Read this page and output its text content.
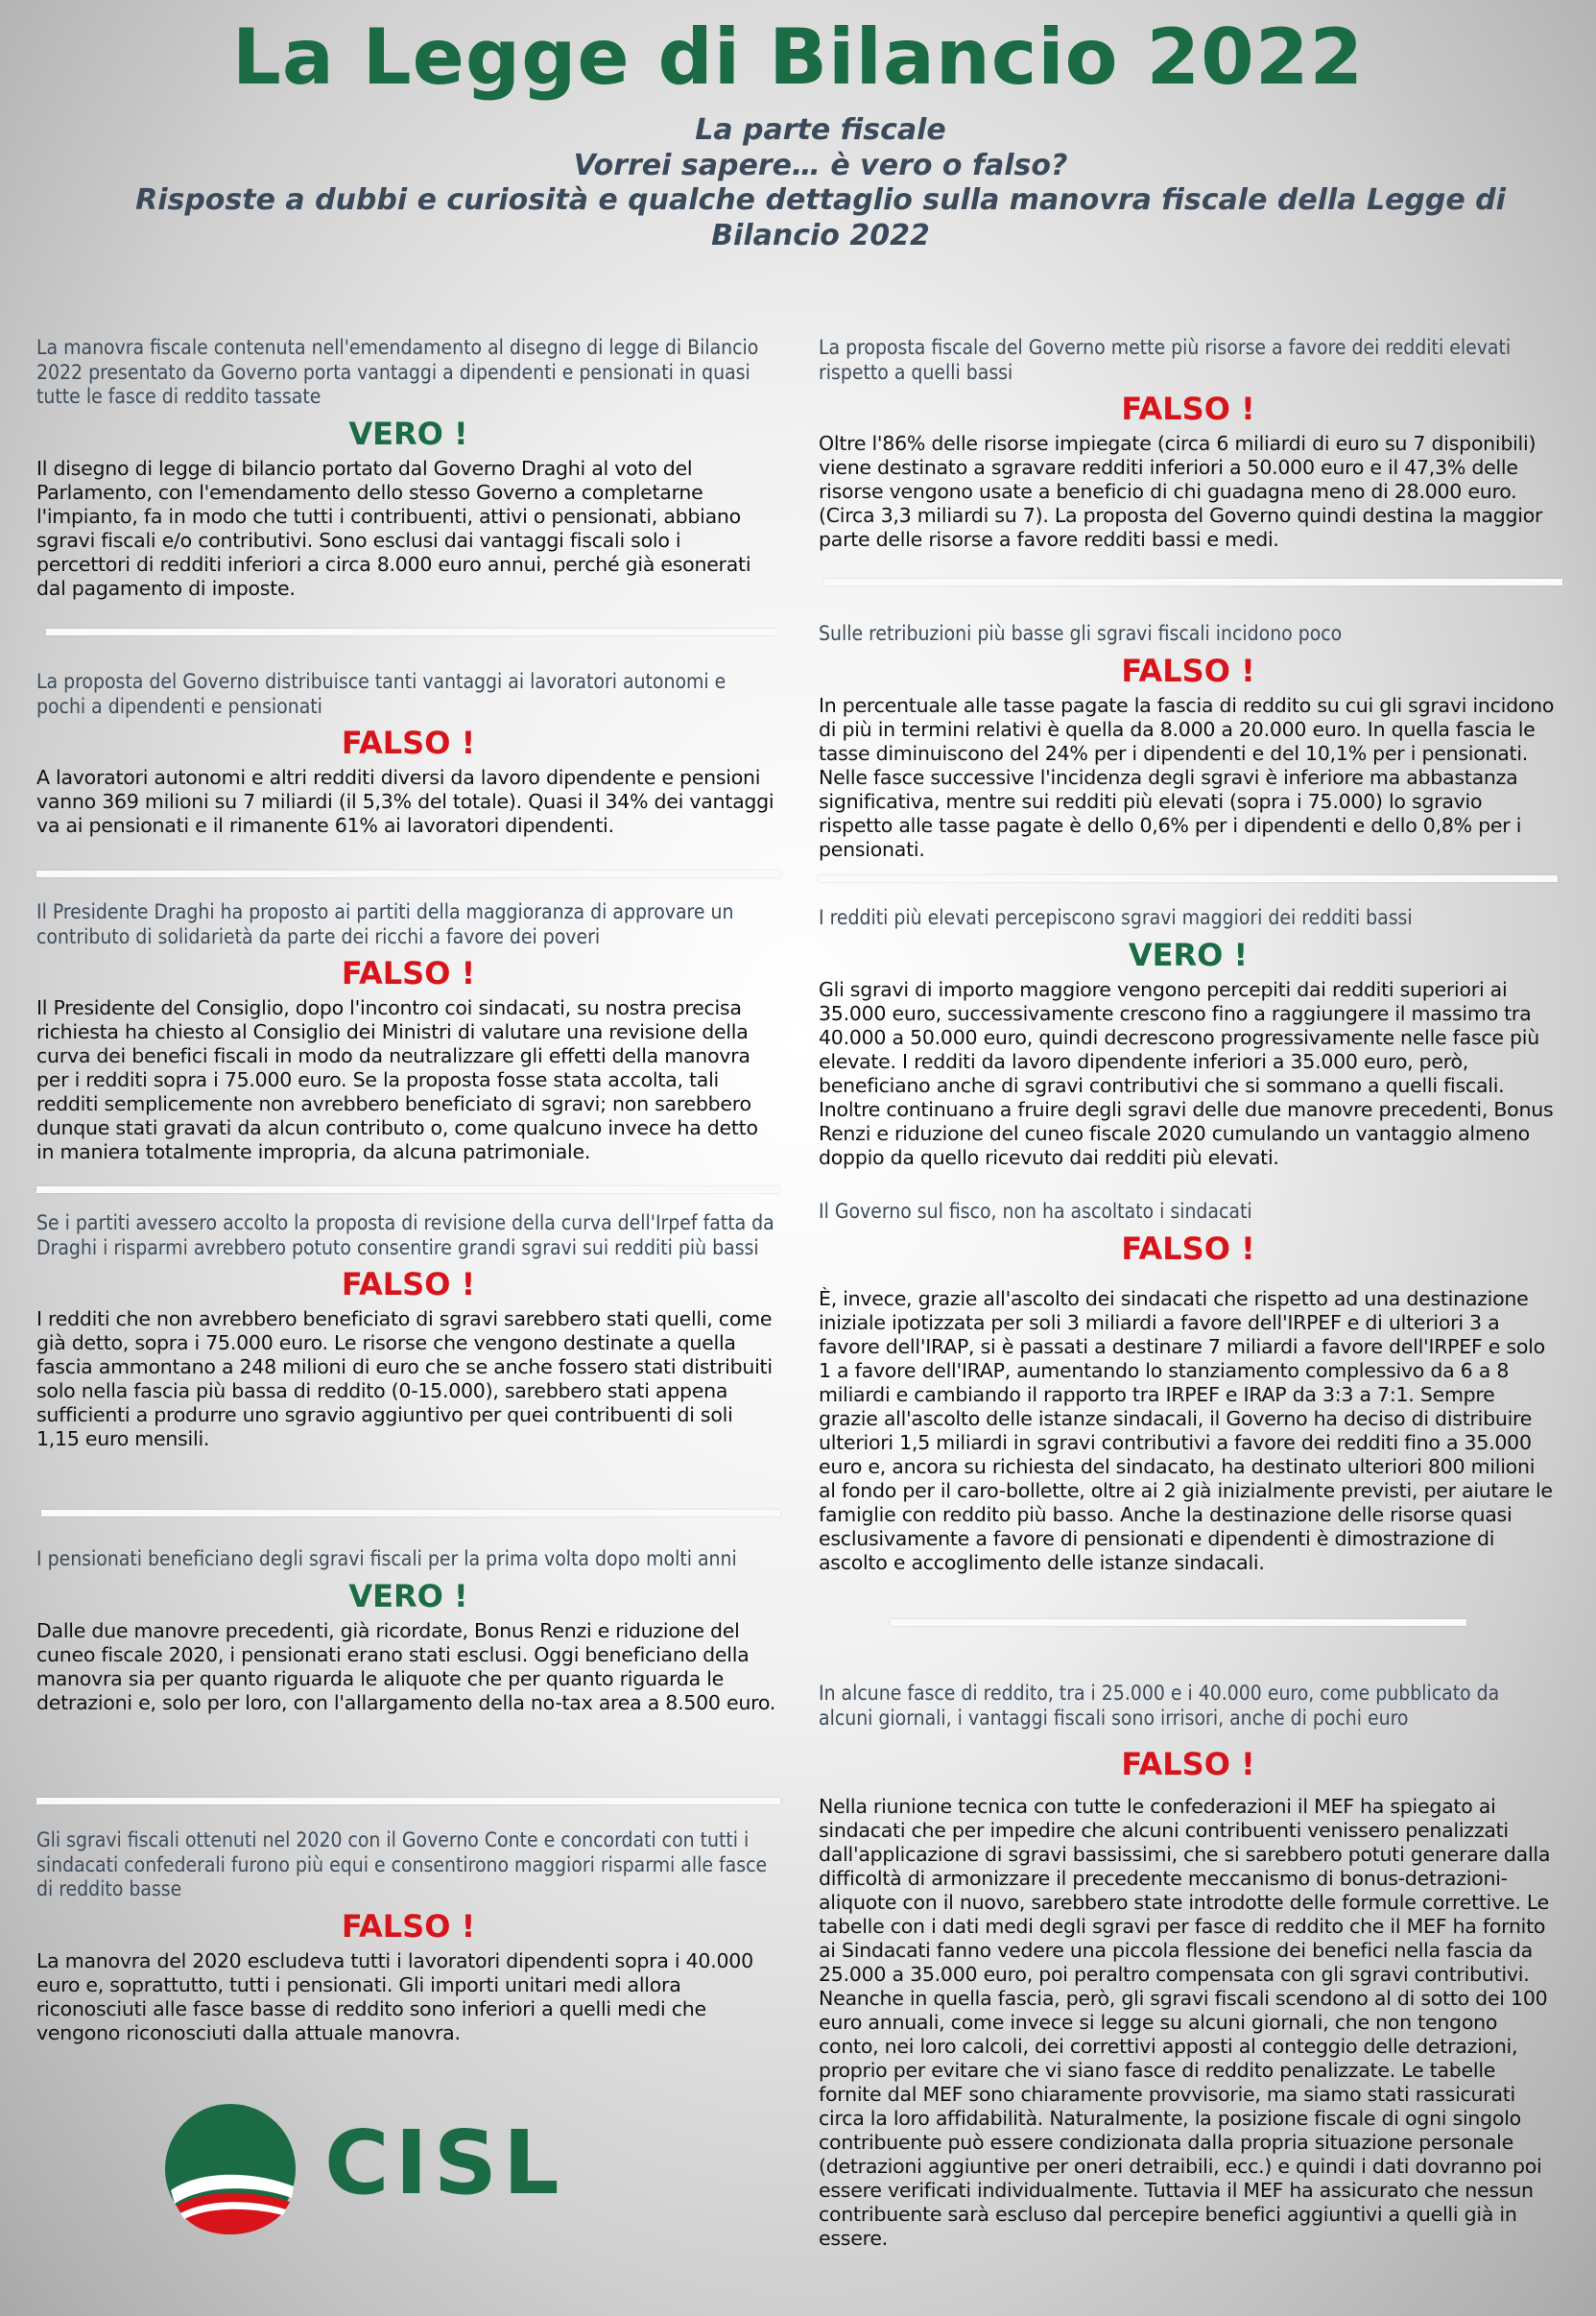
La Legge di Bilancio 2022
La parte fiscale
Vorrei sapere… è vero o falso?
Risposte a dubbi e curiosità e qualche dettaglio sulla manovra fiscale della Legge di Bilancio 2022

La manovra fiscale contenuta nell'emendamento al disegno di legge di Bilancio 2022 presentato da Governo porta vantaggi a dipendenti e pensionati in quasi tutte le fasce di reddito tassate

VERO !

Il disegno di legge di bilancio portato dal Governo Draghi al voto del Parlamento, con l'emendamento dello stesso Governo a completarne l'impianto, fa in modo che tutti i contribuenti, attivi o pensionati, abbiano sgravi fiscali e/o contributivi. Sono esclusi dai vantaggi fiscali solo i percettori di redditi inferiori a circa 8.000 euro annui, perché già esonerati dal pagamento di imposte.

La proposta del Governo distribuisce tanti vantaggi ai lavoratori autonomi e pochi a dipendenti e pensionati

FALSO !

A lavoratori autonomi e altri redditi diversi da lavoro dipendente e pensioni vanno 369 milioni su 7 miliardi (il 5,3% del totale). Quasi il 34% dei vantaggi va ai pensionati e il rimanente 61% ai lavoratori dipendenti.

Il Presidente Draghi ha proposto ai partiti della maggioranza di approvare un contributo di solidarietà da parte dei ricchi a favore dei poveri

FALSO !

Il Presidente del Consiglio, dopo l'incontro coi sindacati, su nostra precisa richiesta ha chiesto al Consiglio dei Ministri di valutare una revisione della curva dei benefici fiscali in modo da neutralizzare gli effetti della manovra per i redditi sopra i 75.000 euro. Se la proposta fosse stata accolta, tali redditi semplicemente non avrebbero beneficiato di sgravi; non sarebbero dunque stati gravati da alcun contributo o, come qualcuno invece ha detto in maniera totalmente impropria, da alcuna patrimoniale.

Se i partiti avessero accolto la proposta di revisione della curva dell'Irpef fatta da Draghi i risparmi avrebbero potuto consentire grandi sgravi sui redditi più bassi

FALSO !

I redditi che non avrebbero beneficiato di sgravi sarebbero stati quelli, come già detto, sopra i 75.000 euro. Le risorse che vengono destinate a quella fascia ammontano a 248 milioni di euro che se anche fossero stati distribuiti solo nella fascia più bassa di reddito (0-15.000), sarebbero stati appena sufficienti a produrre uno sgravio aggiuntivo per quei contribuenti di soli 1,15 euro mensili.

I pensionati beneficiano degli sgravi fiscali per la prima volta dopo molti anni

VERO !

Dalle due manovre precedenti, già ricordate, Bonus Renzi e riduzione del cuneo fiscale 2020, i pensionati erano stati esclusi. Oggi beneficiano della manovra sia per quanto riguarda le aliquote che per quanto riguarda le detrazioni e, solo per loro, con l'allargamento della no-tax area a 8.500 euro.

Gli sgravi fiscali ottenuti nel 2020 con il Governo Conte e concordati con tutti i sindacati confederali furono più equi e consentirono maggiori risparmi alle fasce di reddito basse

FALSO !

La manovra del 2020 escludeva tutti i lavoratori dipendenti sopra i 40.000 euro e, soprattutto, tutti i pensionati. Gli importi unitari medi allora riconosciuti alle fasce basse di reddito sono inferiori a quelli medi che vengono riconosciuti dalla attuale manovra.

La proposta fiscale del Governo mette più risorse a favore dei redditi elevati rispetto a quelli bassi

FALSO !

Oltre l'86% delle risorse impiegate (circa 6 miliardi di euro su 7 disponibili) viene destinato a sgravare redditi inferiori a 50.000 euro e il 47,3% delle risorse vengono usate a beneficio di chi guadagna meno di 28.000 euro. (Circa 3,3 miliardi su 7). La proposta del Governo quindi destina la maggior parte delle risorse a favore redditi bassi e medi.

Sulle retribuzioni più basse gli sgravi fiscali incidono poco

FALSO !

In percentuale alle tasse pagate la fascia di reddito su cui gli sgravi incidono di più in termini relativi è quella da 8.000 a 20.000 euro. In quella fascia le tasse diminuiscono del 24% per i dipendenti e del 10,1% per i pensionati. Nelle fasce successive l'incidenza degli sgravi è inferiore ma abbastanza significativa, mentre sui redditi più elevati (sopra i 75.000) lo sgravio rispetto alle tasse pagate è dello 0,6% per i dipendenti e dello 0,8% per i pensionati.

I redditi più elevati percepiscono sgravi maggiori dei redditi bassi

VERO !

Gli sgravi di importo maggiore vengono percepiti dai redditi superiori ai 35.000 euro, successivamente crescono fino a raggiungere il massimo tra 40.000 a 50.000 euro, quindi decrescono progressivamente nelle fasce più elevate. I redditi da lavoro dipendente inferiori a 35.000 euro, però, beneficiano anche di sgravi contributivi che si sommano a quelli fiscali. Inoltre continuano a fruire degli sgravi delle due manovre precedenti, Bonus Renzi e riduzione del cuneo fiscale 2020 cumulando un vantaggio almeno doppio da quello ricevuto dai redditi più elevati.

Il Governo sul fisco, non ha ascoltato i sindacati

FALSO !

È, invece, grazie all'ascolto dei sindacati che rispetto ad una destinazione iniziale ipotizzata per soli 3 miliardi a favore dell'IRPEF e di ulteriori 3 a favore dell'IRAP, si è passati a destinare 7 miliardi a favore dell'IRPEF e solo 1 a favore dell'IRAP, aumentando lo stanziamento complessivo da 6 a 8 miliardi e cambiando il rapporto tra IRPEF e IRAP da 3:3 a 7:1. Sempre grazie all'ascolto delle istanze sindacali, il Governo ha deciso di distribuire ulteriori 1,5 miliardi in sgravi contributivi a favore dei redditi fino a 35.000 euro e, ancora su richiesta del sindacato, ha destinato ulteriori 800 milioni al fondo per il caro-bollette, oltre ai 2 già inizialmente previsti, per aiutare le famiglie con reddito più basso. Anche la destinazione delle risorse quasi esclusivamente a favore di pensionati e dipendenti è dimostrazione di ascolto e accoglimento delle istanze sindacali.

In alcune fasce di reddito, tra i 25.000 e i 40.000 euro, come pubblicato da alcuni giornali, i vantaggi fiscali sono irrisori, anche di pochi euro

FALSO !

Nella riunione tecnica con tutte le confederazioni il MEF ha spiegato ai sindacati che per impedire che alcuni contribuenti venissero penalizzati dall'applicazione di sgravi bassissimi, che si sarebbero potuti generare dalla difficoltà di armonizzare il precedente meccanismo di bonus-detrazioni-aliquote con il nuovo, sarebbero state introdotte delle formule correttive. Le tabelle con i dati medi degli sgravi per fasce di reddito che il MEF ha fornito ai Sindacati fanno vedere una piccola flessione dei benefici nella fascia da 25.000 a 35.000 euro, poi peraltro compensata con gli sgravi contributivi. Neanche in quella fascia, però, gli sgravi fiscali scendono al di sotto dei 100 euro annuali, come invece si legge su alcuni giornali, che non tengono conto, nei loro calcoli, dei correttivi apposti al conteggio delle detrazioni, proprio per evitare che vi siano fasce di reddito penalizzate. Le tabelle fornite dal MEF sono chiaramente provvisorie, ma siamo stati rassicurati circa la loro affidabilità. Naturalmente, la posizione fiscale di ogni singolo contribuente può essere condizionata dalla propria situazione personale (detrazioni aggiuntive per oneri detraibili, ecc.) e quindi i dati dovranno poi essere verificati individualmente. Tuttavia il MEF ha assicurato che nessun contribuente sarà escluso dal percepire benefici aggiuntivi a quelli già in essere.

CISL
